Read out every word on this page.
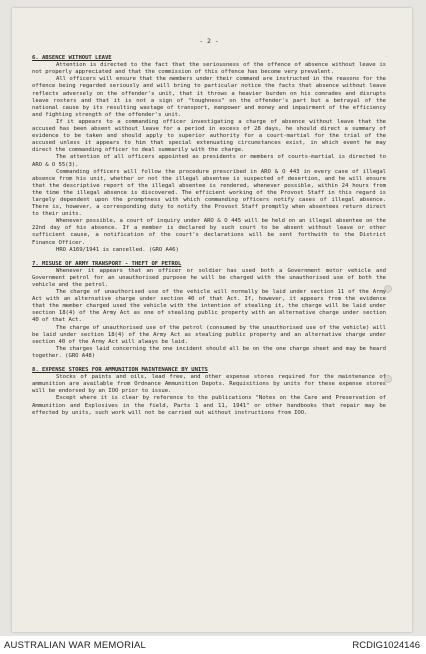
- 2 -
6. ABSENCE WITHOUT LEAVE

Attention is directed to the fact that the seriousness of the offence of absence without leave is not properly appreciated and that the commission of this offence has become very prevalent.

All officers will ensure that the members under their command are instructed in the reasons for the offence being regarded seriously and will bring to particular notice the facts that absence without leave reflects adversely on the offender's unit, that it throws a heavier burden on his comrades and disrupts leave rosters and that it is not a sign of "toughness" on the offender's part but a betrayal of the national cause by its resulting wastage of transport, manpower and money and impairment of the efficiency and fighting strength of the offender's unit.

If it appears to a commanding officer investigating a charge of absence without leave that the accused has been absent without leave for a period in excess of 28 days, he should direct a summary of evidence to be taken and should apply to superior authority for a court-martial for the trial of the accused unless it appears to him that special extenuating circumstances exist, in which event he may direct the commanding officer to deal summarily with the charge.

The attention of all officers appointed as presidents or members of courts-martial is directed to ARO & O 55(3).

Commanding officers will follow the procedure prescribed in ARO & O 443 in every case of illegal absence from his unit, whether or not the illegal absentee is suspected of desertion, and he will ensure that the descriptive report of the illegal absentee is rendered, whenever possible, within 24 hours from the time the illegal absence is discovered. The efficient working of the Provost Staff in this regard is largely dependent upon the promptness with which commanding officers notify cases of illegal absence. There is, however, a corresponding duty to notify the Provost Staff promptly when absentees return direct to their units.

Whenever possible, a court of inquiry under ARO & O 445 will be held on an illegal absentee on the 22nd day of his absence. If a member is declared by such court to be absent without leave or other sufficient cause, a notification of the court's declarations will be sent forthwith to the District Finance Officer.

HRO A169/1941 is cancelled. (GRO A46)

7. MISUSE OF ARMY TRANSPORT - THEFT OF PETROL

Whenever it appears that an officer or soldier has used both a Government motor vehicle and Government petrol for an unauthorised purpose he will be charged with the unauthorised use of both the vehicle and the petrol.

The charge of unauthorised use of the vehicle will normally be laid under section 11 of the Army Act with an alternative charge under section 40 of that Act. If, however, it appears from the evidence that the member charged used the vehicle with the intention of stealing it, the charge will be laid under section 18(4) of the Army Act as one of stealing public property with an alternative charge under section 40 of that Act.

The charge of unauthorised use of the petrol (consumed by the unauthorised use of the vehicle) will be laid under section 18(4) of the Army Act as stealing public property and an alternative charge under section 40 of the Army Act will always be laid.

The charges laid concerning the one incident should all be on the one charge sheet and may be heard together. (GRO A48)

8. EXPENSE STORES FOR AMMUNITION MAINTENANCE BY UNITS

Stocks of paints and oils, lead free, and other expense stores required for the maintenance of ammunition are available from Ordnance Ammunition Depots. Requisitions by units for these expense stores will be endorsed by an IOO prior to issue.

Except where it is clear by reference to the publications "Notes on the Care and Preservation of Ammunition and Explosives in the field, Parts 1 and 11, 1941" or other handbooks that repair may be effected by units, such work will not be carried out without instructions from IOO.

AUSTRALIAN WAR MEMORIAL	RCDIG1024146
